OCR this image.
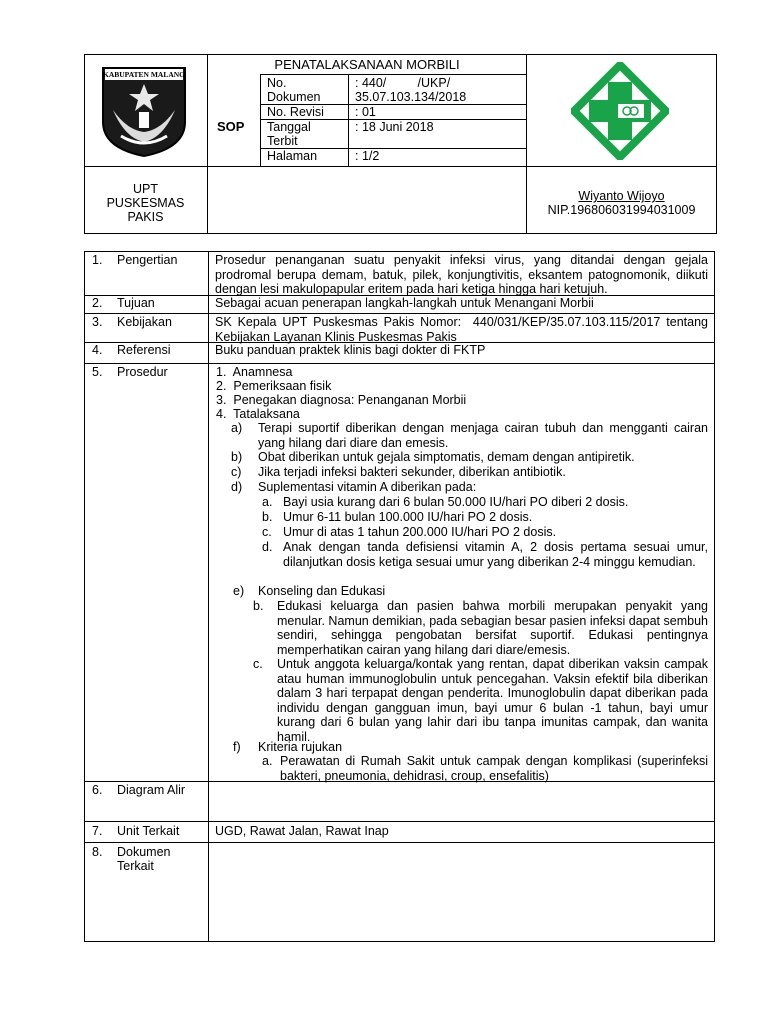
KABUPATEN MALANG
PENATALAKSANAAN MORBILI
SOP
No.
Dokumen
: 440/         /UKP/
35.07.103.134/2018
No. Revisi : 01
Tanggal
Terbit
: 18 Juni 2018
Halaman	: 1/2
UPT
PUSKESMAS
PAKIS
Wiyanto Wijoyo
NIP.196806031994031009
1. Pengertian	Prosedur penanganan suatu penyakit infeksi virus, yang ditandai dengan gejala prodromal berupa demam, batuk, pilek, konjungtivitis, eksantem patognomonik, diikuti dengan lesi makulopapular eritem pada hari ketiga hingga hari ketujuh.
2. Tujuan	Sebagai acuan penerapan langkah-langkah untuk Menangani Morbii
3. Kebijakan	SK Kepala UPT Puskesmas Pakis Nomor:  440/031/KEP/35.07.103.115/2017 tentang Kebijakan Layanan Klinis Puskesmas Pakis
4. Referensi	Buku panduan praktek klinis bagi dokter di FKTP
5. Prosedur	1.  Anamnesa
2.  Pemeriksaan fisik
3.  Penegakan diagnosa: Penanganan Morbii
4.  Tatalaksana
a) Terapi suportif diberikan dengan menjaga cairan tubuh dan mengganti cairan yang hilang dari diare dan emesis.
b) Obat diberikan untuk gejala simptomatis, demam dengan antipiretik.
c) Jika terjadi infeksi bakteri sekunder, diberikan antibiotik.
d) Suplementasi vitamin A diberikan pada:
a. Bayi usia kurang dari 6 bulan 50.000 IU/hari PO diberi 2 dosis.
b. Umur 6-11 bulan 100.000 IU/hari PO 2 dosis.
c. Umur di atas 1 tahun 200.000 IU/hari PO 2 dosis.
d. Anak dengan tanda defisiensi vitamin A, 2 dosis pertama sesuai umur, dilanjutkan dosis ketiga sesuai umur yang diberikan 2-4 minggu kemudian.
e) Konseling dan Edukasi
b. Edukasi keluarga dan pasien bahwa morbili merupakan penyakit yang menular. Namun demikian, pada sebagian besar pasien infeksi dapat sembuh sendiri, sehingga pengobatan bersifat suportif. Edukasi pentingnya memperhatikan cairan yang hilang dari diare/emesis.
c. Untuk anggota keluarga/kontak yang rentan, dapat diberikan vaksin campak atau human immunoglobulin untuk pencegahan. Vaksin efektif bila diberikan dalam 3 hari terpapat dengan penderita. Imunoglobulin dapat diberikan pada individu dengan gangguan imun, bayi umur 6 bulan -1 tahun, bayi umur kurang dari 6 bulan yang lahir dari ibu tanpa imunitas campak, dan wanita hamil.
f) Kriteria rujukan
a. Perawatan di Rumah Sakit untuk campak dengan komplikasi (superinfeksi bakteri, pneumonia, dehidrasi, croup, ensefalitis)
6. Diagram Alir
7. Unit Terkait	UGD, Rawat Jalan, Rawat Inap
8. Dokumen
Terkait
